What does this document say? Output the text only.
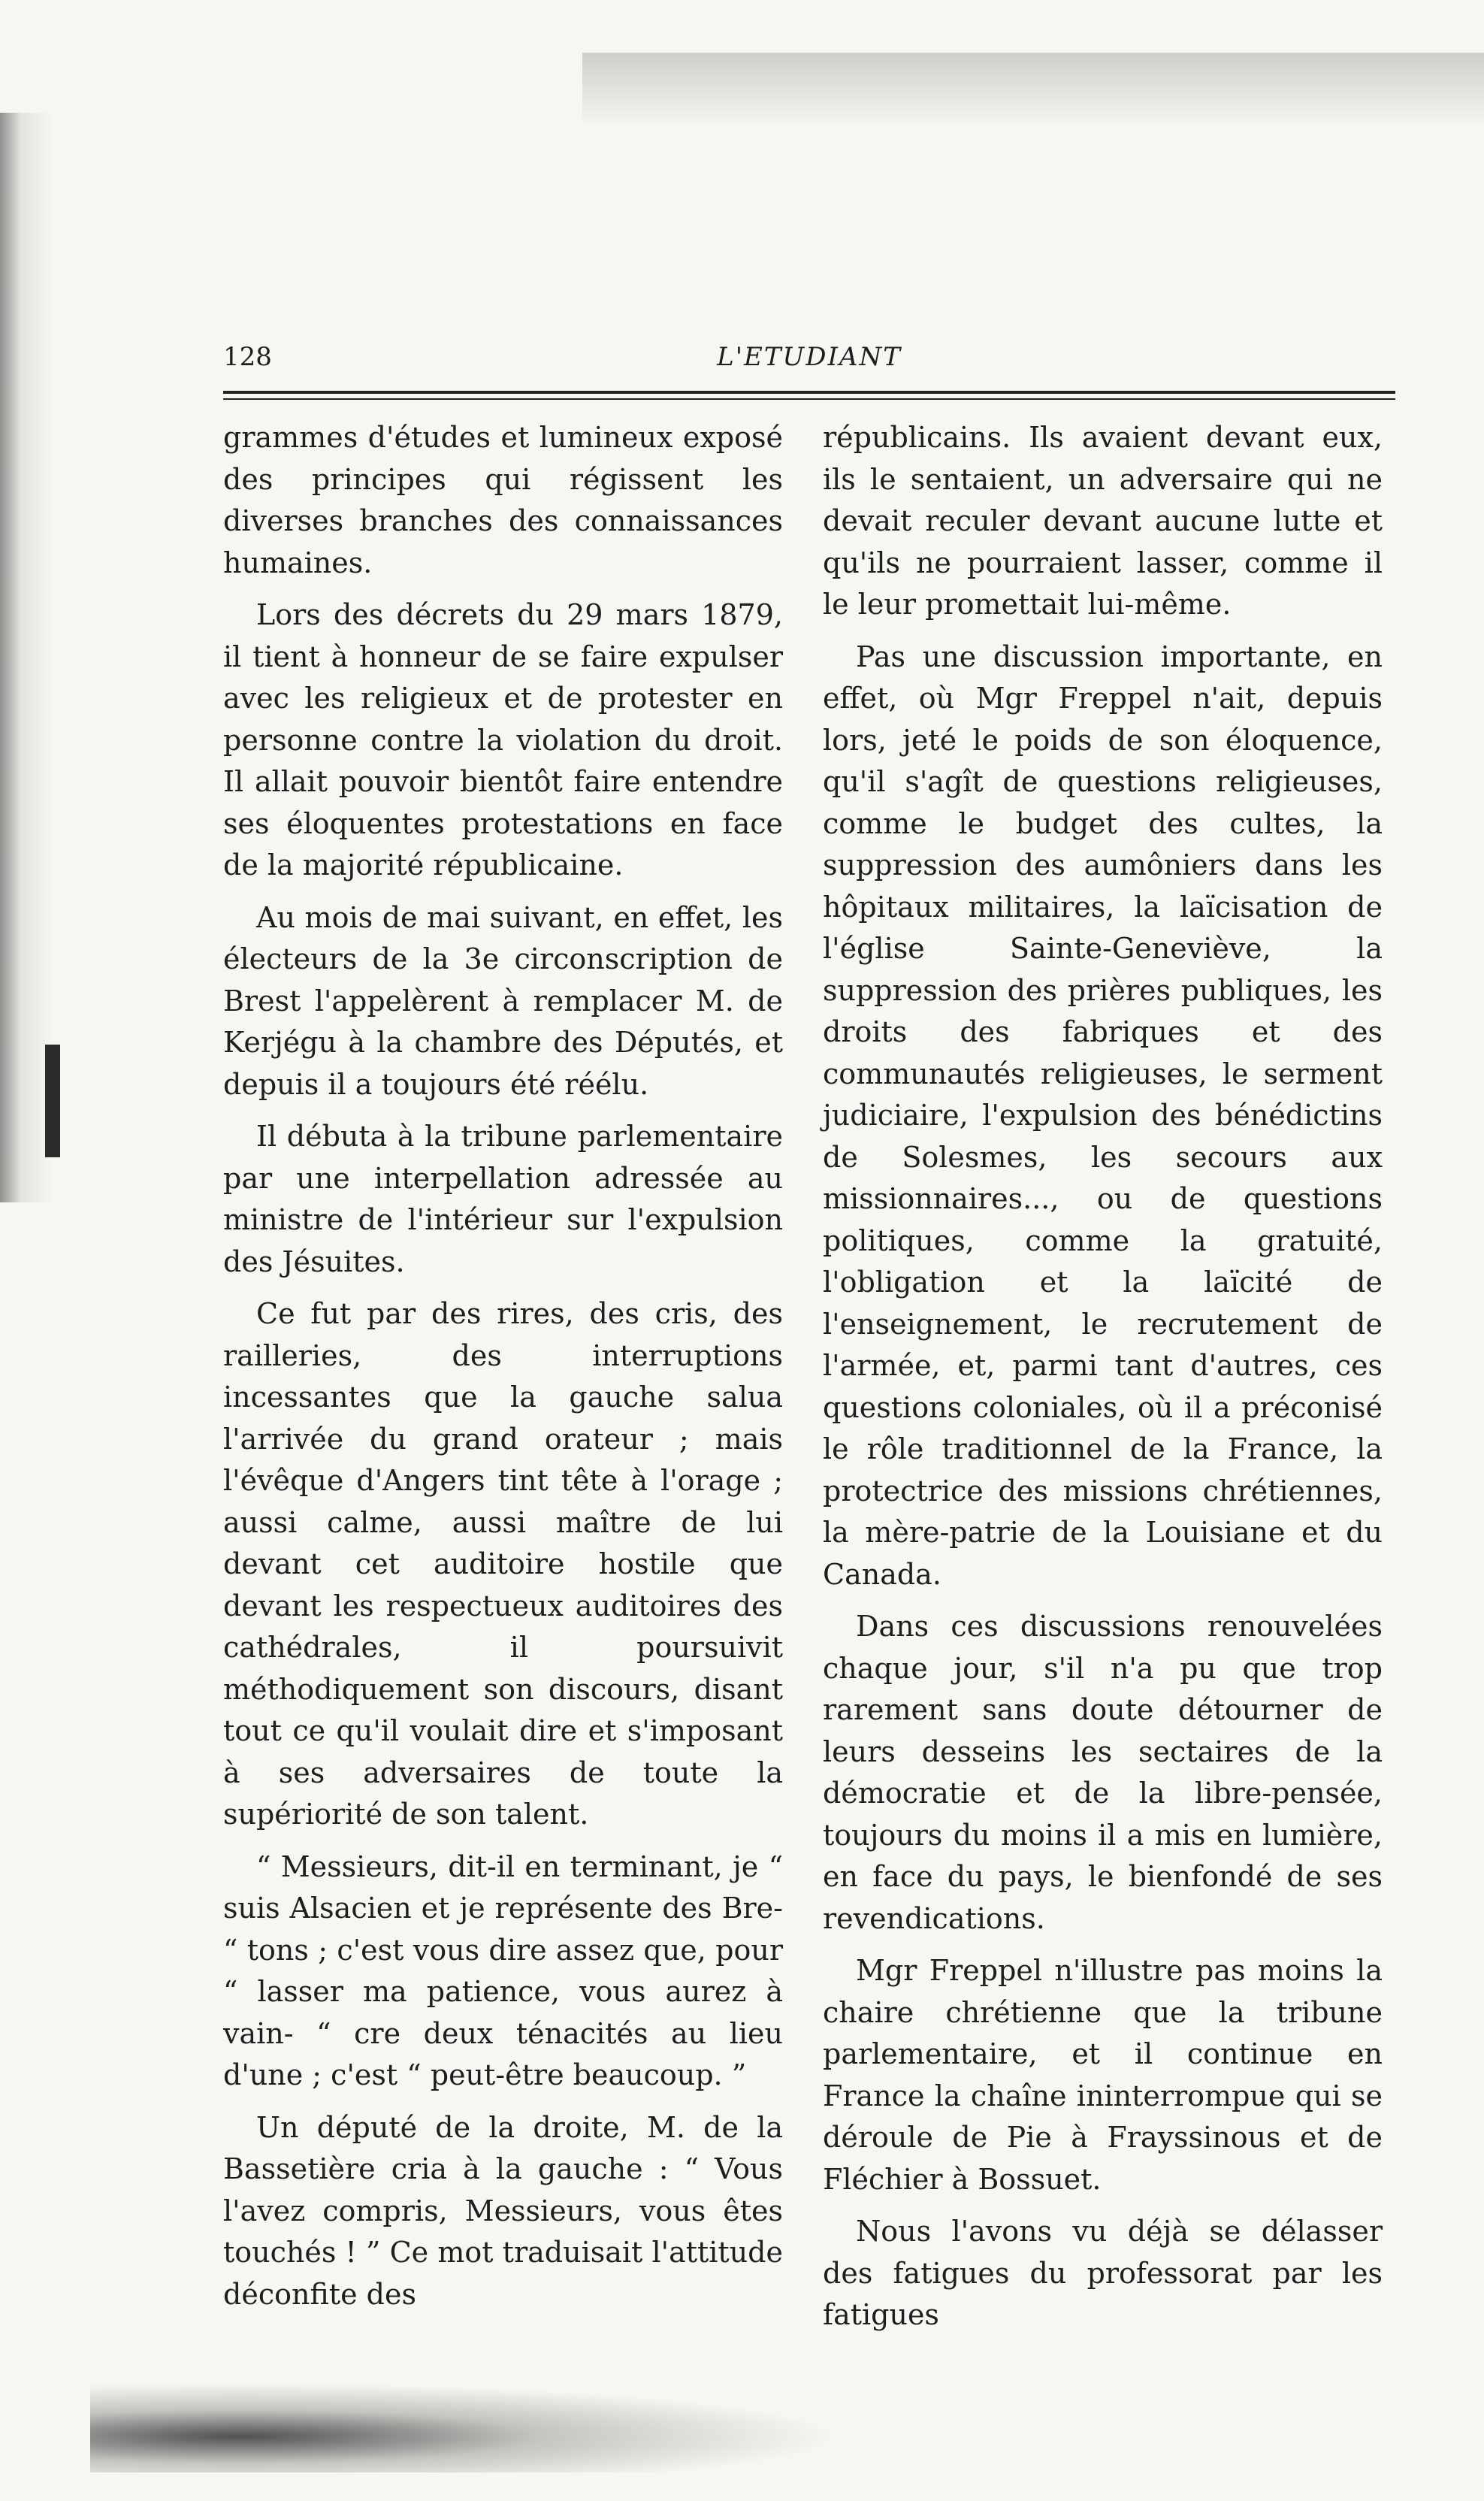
128	L'ETUDIANT

grammes d'études et lumineux exposé des principes qui régissent les diverses branches des connaissances humaines.

Lors des décrets du 29 mars 1879, il tient à honneur de se faire expulser avec les religieux et de protester en personne contre la violation du droit. Il allait pouvoir bientôt faire entendre ses éloquentes protestations en face de la majorité républicaine.

Au mois de mai suivant, en effet, les électeurs de la 3e circonscription de Brest l'appelèrent à remplacer M. de Kerjégu à la chambre des Députés, et depuis il a toujours été réélu.

Il débuta à la tribune parlementaire par une interpellation adressée au ministre de l'intérieur sur l'expulsion des Jésuites.

Ce fut par des rires, des cris, des railleries, des interruptions incessantes que la gauche salua l'arrivée du grand orateur ; mais l'évêque d'Angers tint tête à l'orage ; aussi calme, aussi maître de lui devant cet auditoire hostile que devant les respectueux auditoires des cathédrales, il poursuivit méthodiquement son discours, disant tout ce qu'il voulait dire et s'imposant à ses adversaires de toute la supériorité de son talent.

“ Messieurs, dit-il en terminant, je “ suis Alsacien et je représente des Bre- “ tons ; c'est vous dire assez que, pour “ lasser ma patience, vous aurez à vain- “ cre deux ténacités au lieu d'une ; c'est “ peut-être beaucoup. ”

Un député de la droite, M. de la Bassetière cria à la gauche : “ Vous l'avez compris, Messieurs, vous êtes touchés ! ” Ce mot traduisait l'attitude déconfite des

républicains. Ils avaient devant eux, ils le sentaient, un adversaire qui ne devait reculer devant aucune lutte et qu'ils ne pourraient lasser, comme il le leur promettait lui-même.

Pas une discussion importante, en effet, où Mgr Freppel n'ait, depuis lors, jeté le poids de son éloquence, qu'il s'agît de questions religieuses, comme le budget des cultes, la suppression des aumôniers dans les hôpitaux militaires, la laïcisation de l'église Sainte-Geneviève, la suppression des prières publiques, les droits des fabriques et des communautés religieuses, le serment judiciaire, l'expulsion des bénédictins de Solesmes, les secours aux missionnaires..., ou de questions politiques, comme la gratuité, l'obligation et la laïcité de l'enseignement, le recrutement de l'armée, et, parmi tant d'autres, ces questions coloniales, où il a préconisé le rôle traditionnel de la France, la protectrice des missions chrétiennes, la mère-patrie de la Louisiane et du Canada.

Dans ces discussions renouvelées chaque jour, s'il n'a pu que trop rarement sans doute détourner de leurs desseins les sectaires de la démocratie et de la libre-pensée, toujours du moins il a mis en lumière, en face du pays, le bienfondé de ses revendications.

Mgr Freppel n'illustre pas moins la chaire chrétienne que la tribune parlementaire, et il continue en France la chaîne ininterrompue qui se déroule de Pie à Frayssinous et de Fléchier à Bossuet.

Nous l'avons vu déjà se délasser des fatigues du professorat par les fatigues
